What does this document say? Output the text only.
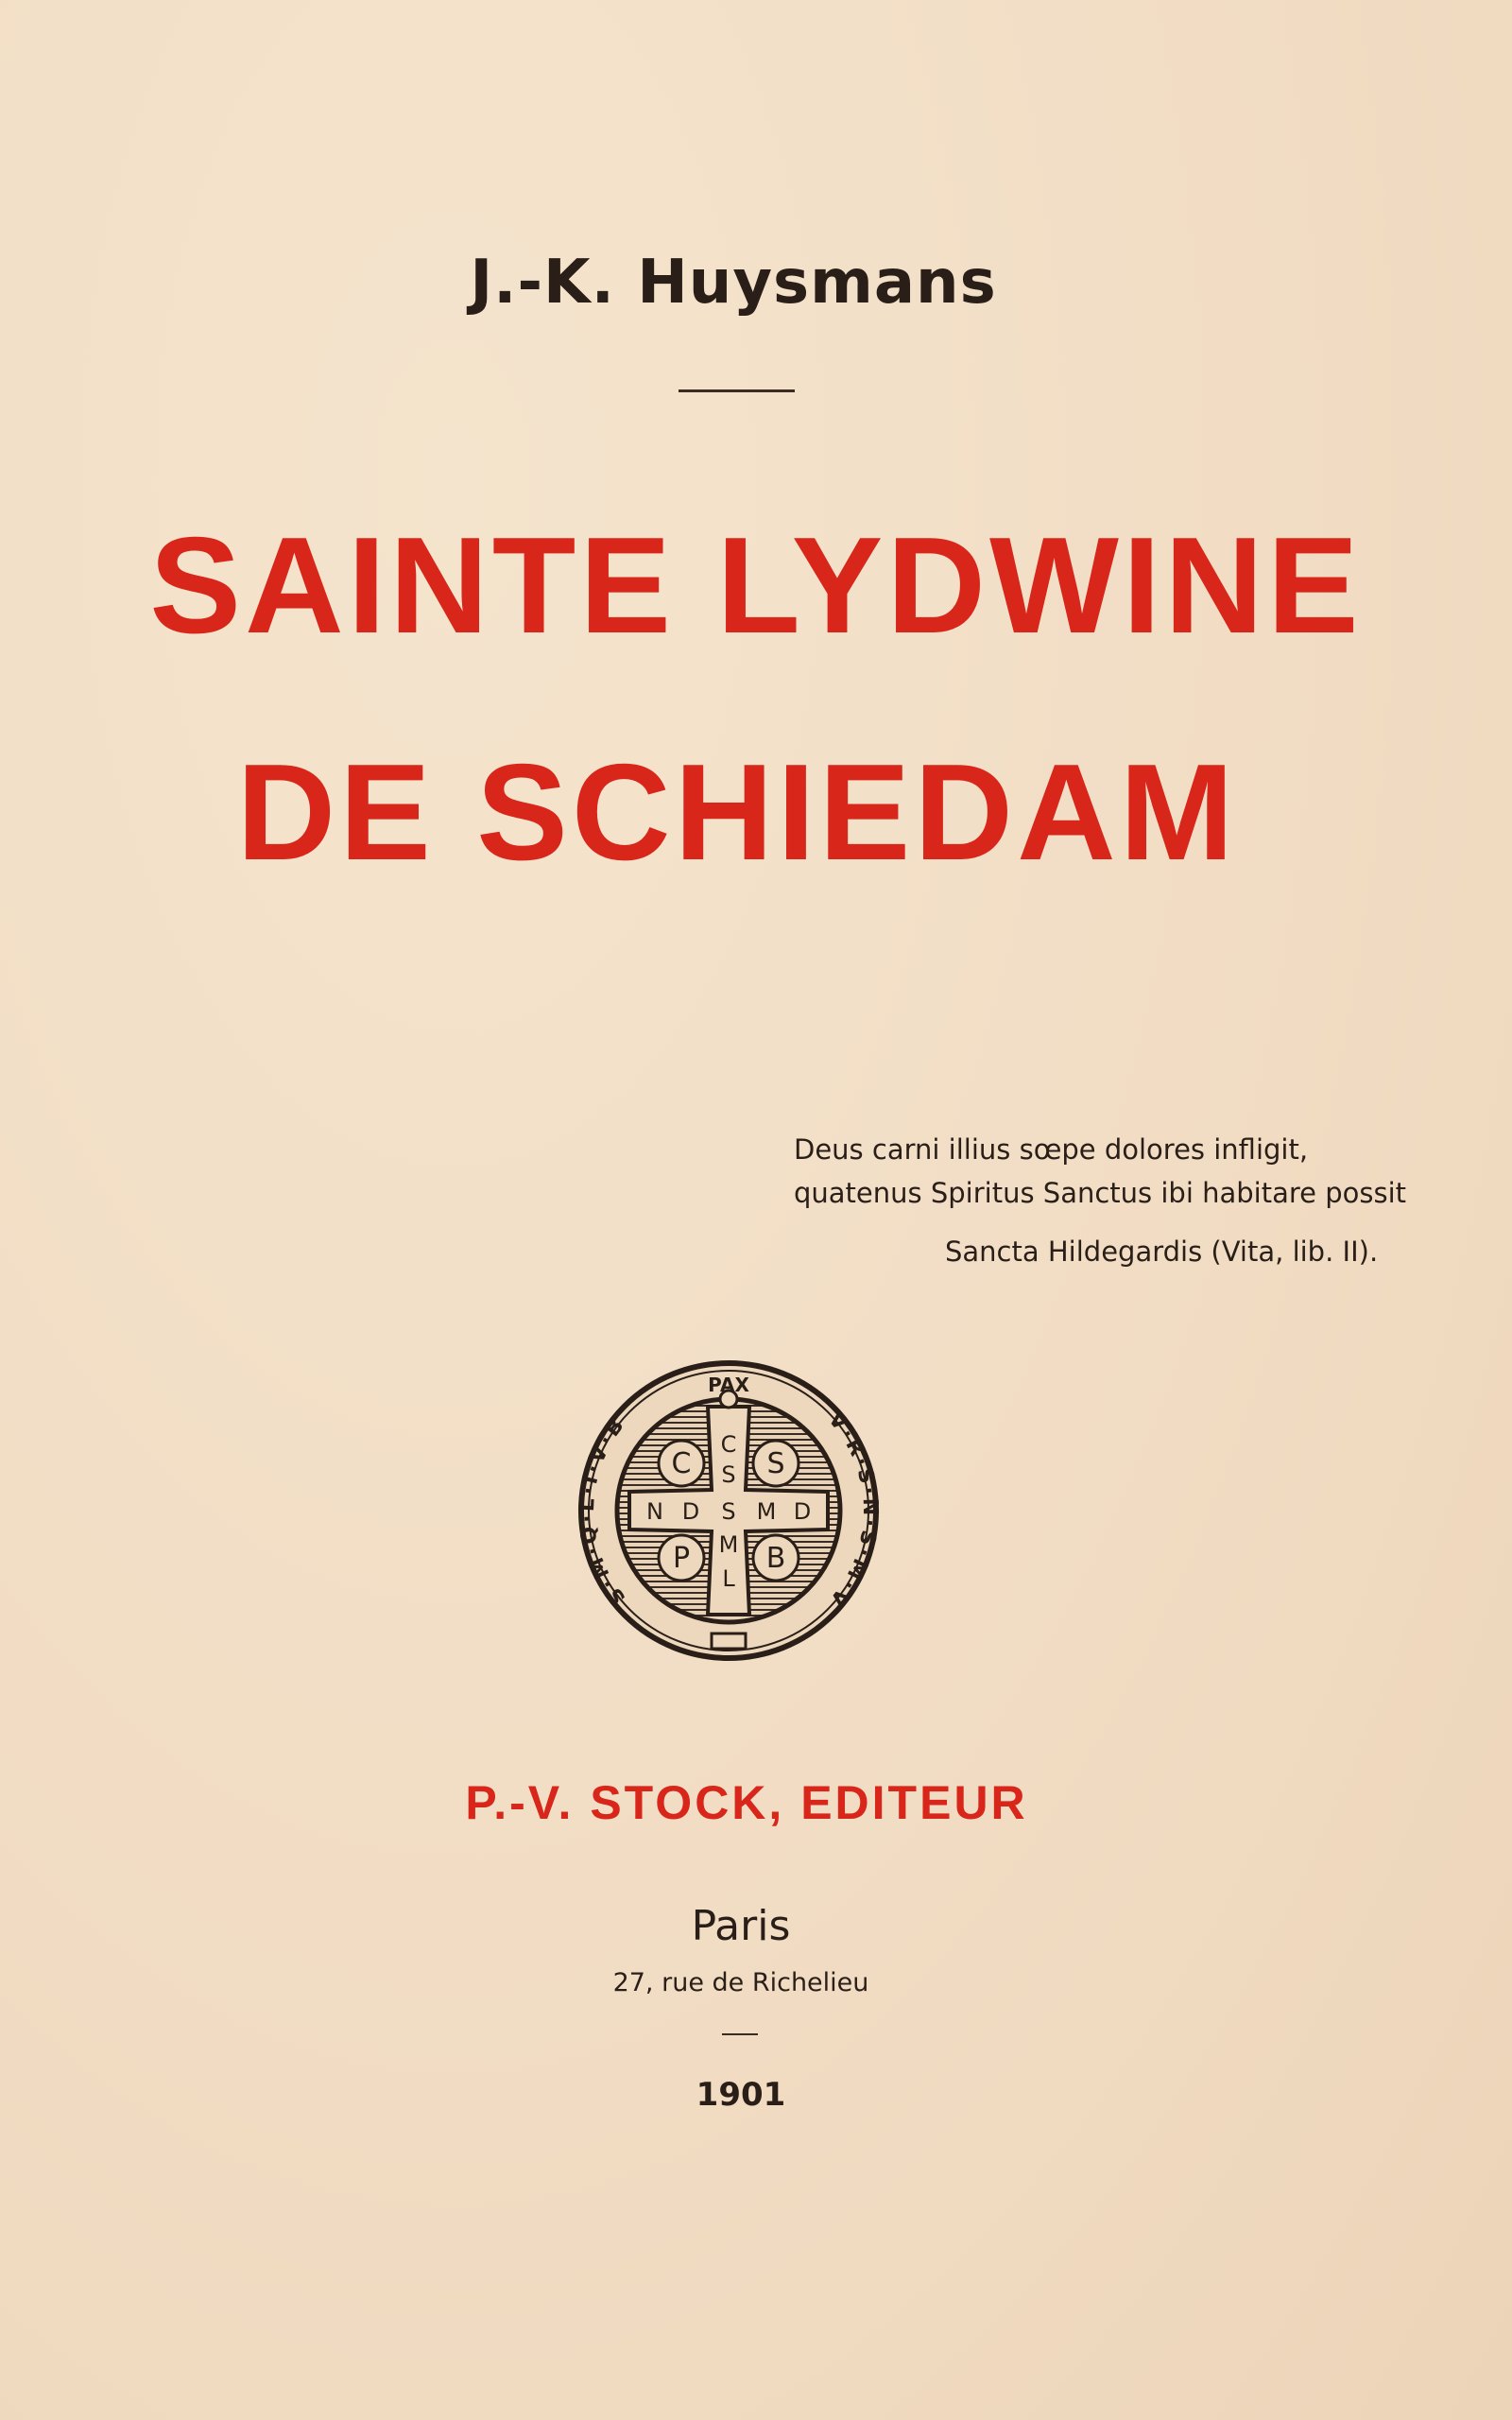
J.-K. Huysmans
SAINTE LYDWINE
DE SCHIEDAM
Deus carni illius sœpe dolores infligit,
quatenus Spiritus Sanctus ibi habitare possit
Sancta Hildegardis (Vita, lib. II).
PAX
C
S
M
L
N D S M D
C	S
P	B
S·M·Q·L·I·V·B	V·R·S·N·S·M·V
P.-V. STOCK, EDITEUR
Paris
27, rue de Richelieu
1901
